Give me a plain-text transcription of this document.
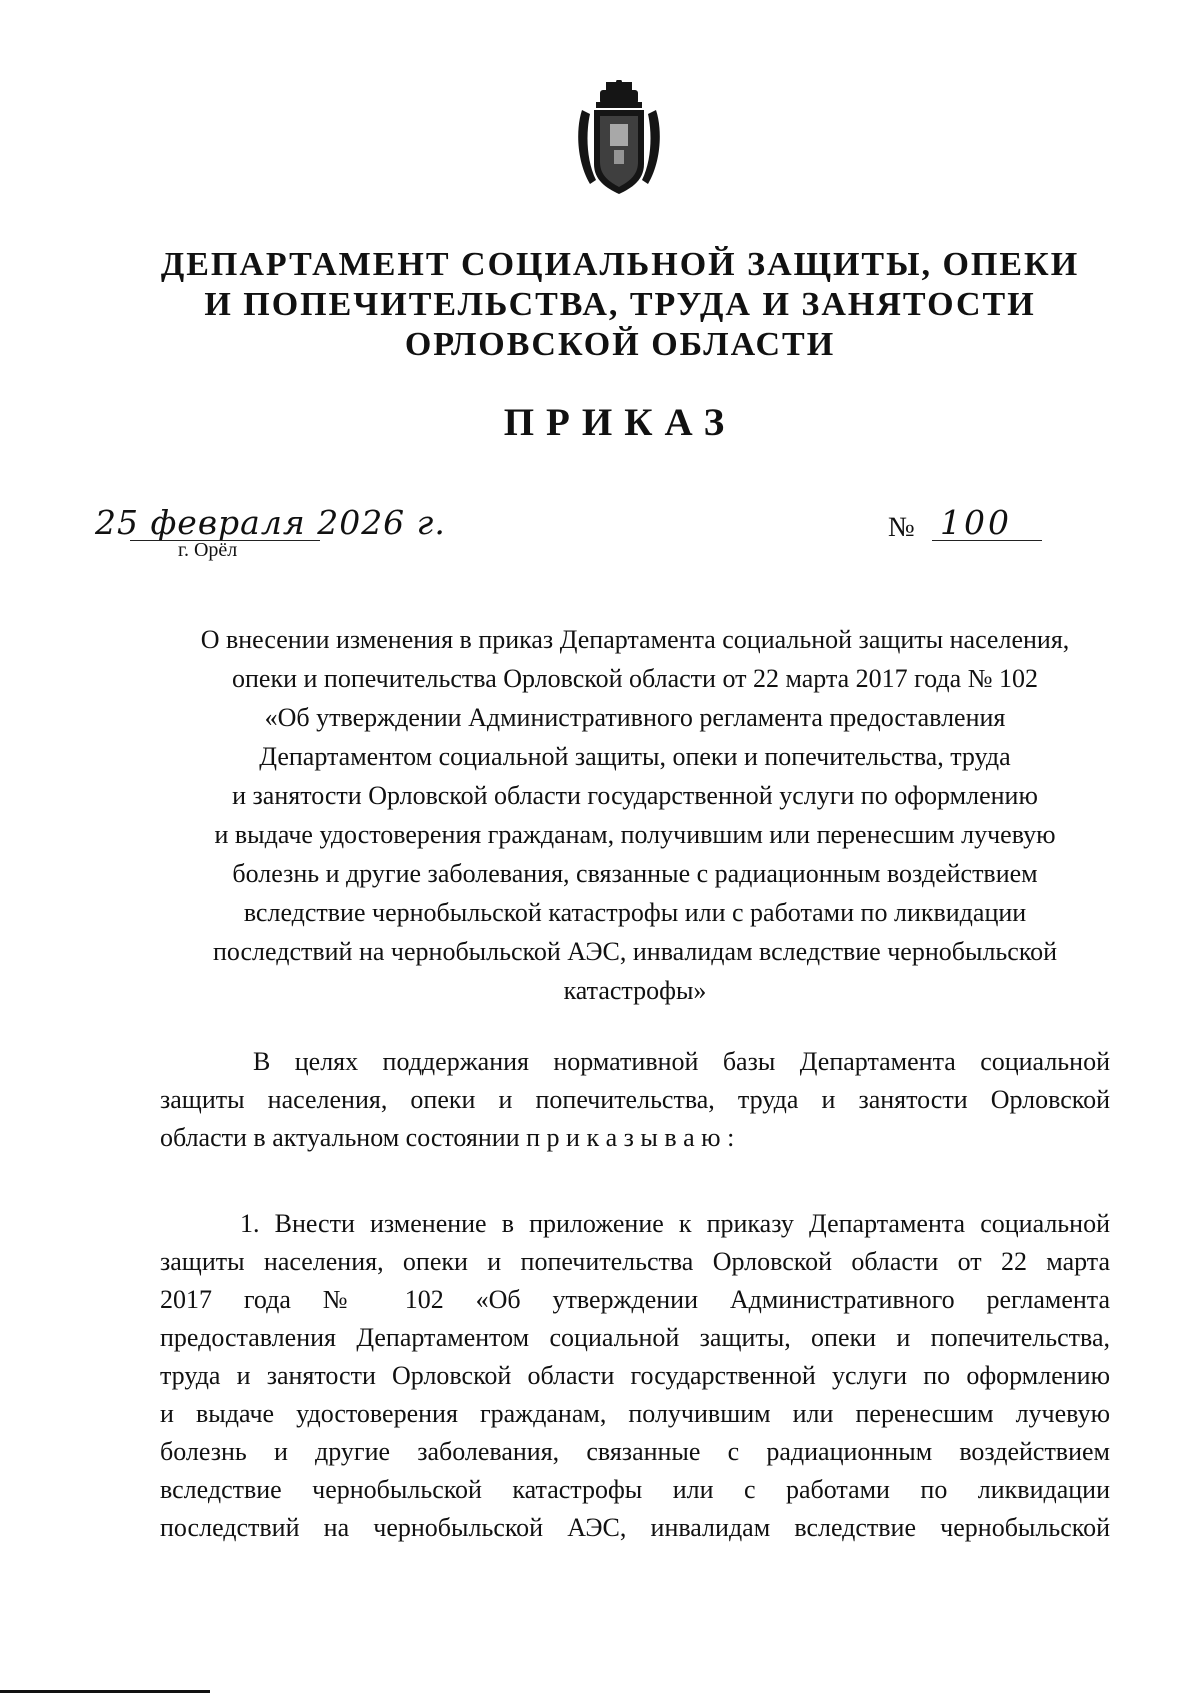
ДЕПАРТАМЕНТ СОЦИАЛЬНОЙ ЗАЩИТЫ, ОПЕКИ
И ПОПЕЧИТЕЛЬСТВА, ТРУДА И ЗАНЯТОСТИ
ОРЛОВСКОЙ ОБЛАСТИ
ПРИКАЗ
25 февраля 2026 г.
г. Орёл
№ 100
О внесении изменения в приказ Департамента социальной защиты населения,
опеки и попечительства Орловской области от 22 марта 2017 года № 102
«Об утверждении Административного регламента предоставления
Департаментом социальной защиты, опеки и попечительства, труда
и занятости Орловской области государственной услуги по оформлению
и выдаче удостоверения гражданам, получившим или перенесшим лучевую
болезнь и другие заболевания, связанные с радиационным воздействием
вследствие чернобыльской катастрофы или с работами по ликвидации
последствий на чернобыльской АЭС, инвалидам вследствие чернобыльской
катастрофы»
В целях поддержания нормативной базы Департамента социальной
защиты населения, опеки и попечительства, труда и занятости Орловской
области в актуальном состоянии п р и к а з ы в а ю :
1. Внести изменение в приложение к приказу Департамента социальной
защиты населения, опеки и попечительства Орловской области от 22 марта
2017 года № 102 «Об утверждении Административного регламента
предоставления Департаментом социальной защиты, опеки и попечительства,
труда и занятости Орловской области государственной услуги по оформлению
и выдаче удостоверения гражданам, получившим или перенесшим лучевую
болезнь и другие заболевания, связанные с радиационным воздействием
вследствие чернобыльской катастрофы или с работами по ликвидации
последствий на чернобыльской АЭС, инвалидам вследствие чернобыльской
